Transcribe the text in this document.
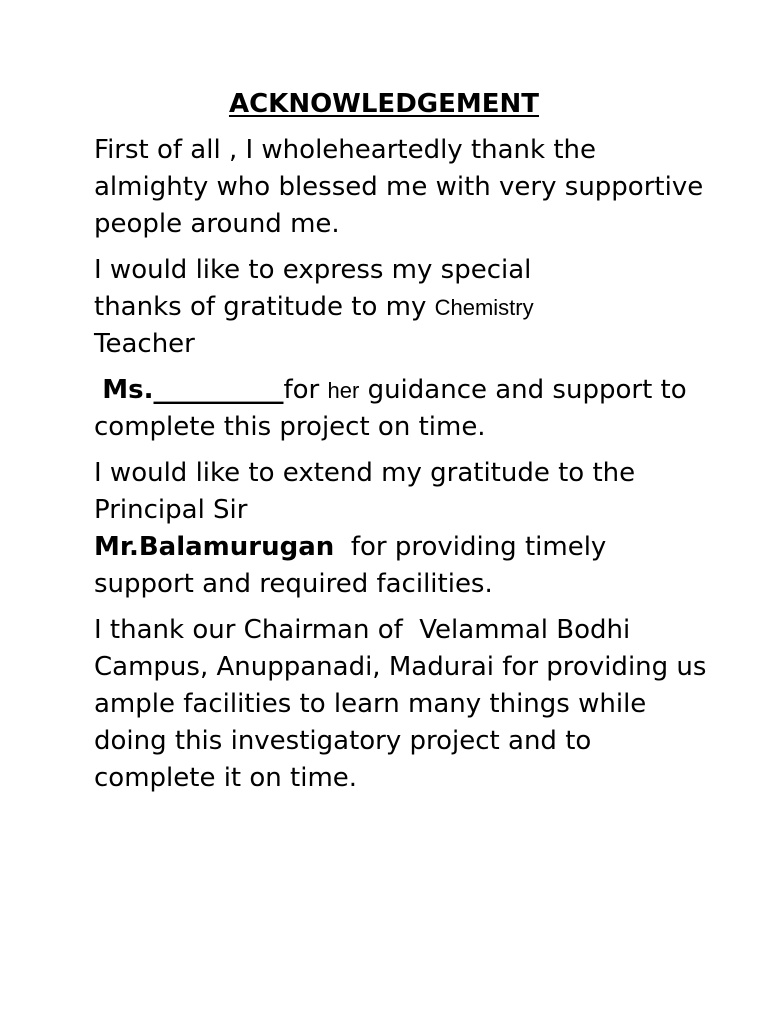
ACKNOWLEDGEMENT

First of all , I wholeheartedly thank the almighty who blessed me with very supportive people around me.

I would like to express my special
thanks of gratitude to my Chemistry
Teacher

Ms.__________for her guidance and support to complete this project on time.

I would like to extend my gratitude to the Principal Sir
Mr.Balamurugan  for providing timely support and required facilities.

I thank our Chairman of  Velammal Bodhi Campus, Anuppanadi, Madurai for providing us ample facilities to learn many things while doing this investigatory project and to complete it on time.
